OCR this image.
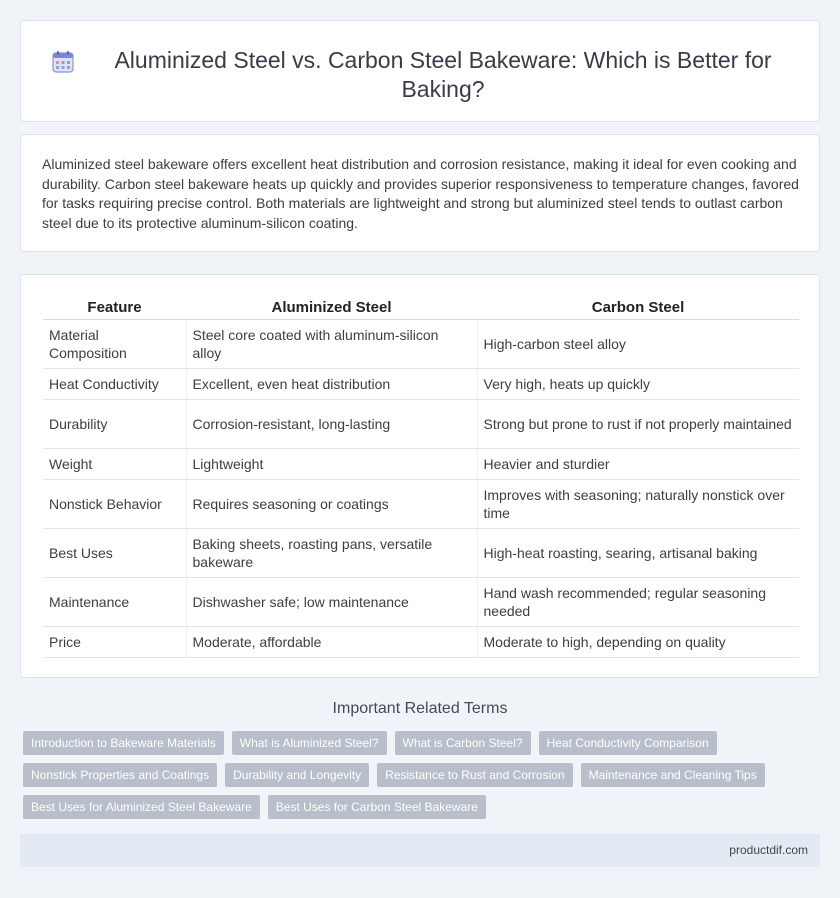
Aluminized Steel vs. Carbon Steel Bakeware: Which is Better for Baking?

Aluminized steel bakeware offers excellent heat distribution and corrosion resistance, making it ideal for even cooking and durability. Carbon steel bakeware heats up quickly and provides superior responsiveness to temperature changes, favored for tasks requiring precise control. Both materials are lightweight and strong but aluminized steel tends to outlast carbon steel due to its protective aluminum-silicon coating.

Feature	Aluminized Steel	Carbon Steel
Material Composition	Steel core coated with aluminum-silicon alloy	High-carbon steel alloy
Heat Conductivity	Excellent, even heat distribution	Very high, heats up quickly
Durability	Corrosion-resistant, long-lasting	Strong but prone to rust if not properly maintained
Weight	Lightweight	Heavier and sturdier
Nonstick Behavior	Requires seasoning or coatings	Improves with seasoning; naturally nonstick over time
Best Uses	Baking sheets, roasting pans, versatile bakeware	High-heat roasting, searing, artisanal baking
Maintenance	Dishwasher safe; low maintenance	Hand wash recommended; regular seasoning needed
Price	Moderate, affordable	Moderate to high, depending on quality
Important Related Terms
Introduction to Bakeware Materials	What is Aluminized Steel?	What is Carbon Steel?	Heat Conductivity Comparison
Nonstick Properties and Coatings	Durability and Longevity	Resistance to Rust and Corrosion	Maintenance and Cleaning Tips
Best Uses for Aluminized Steel Bakeware	Best Uses for Carbon Steel Bakeware
productdif.com
